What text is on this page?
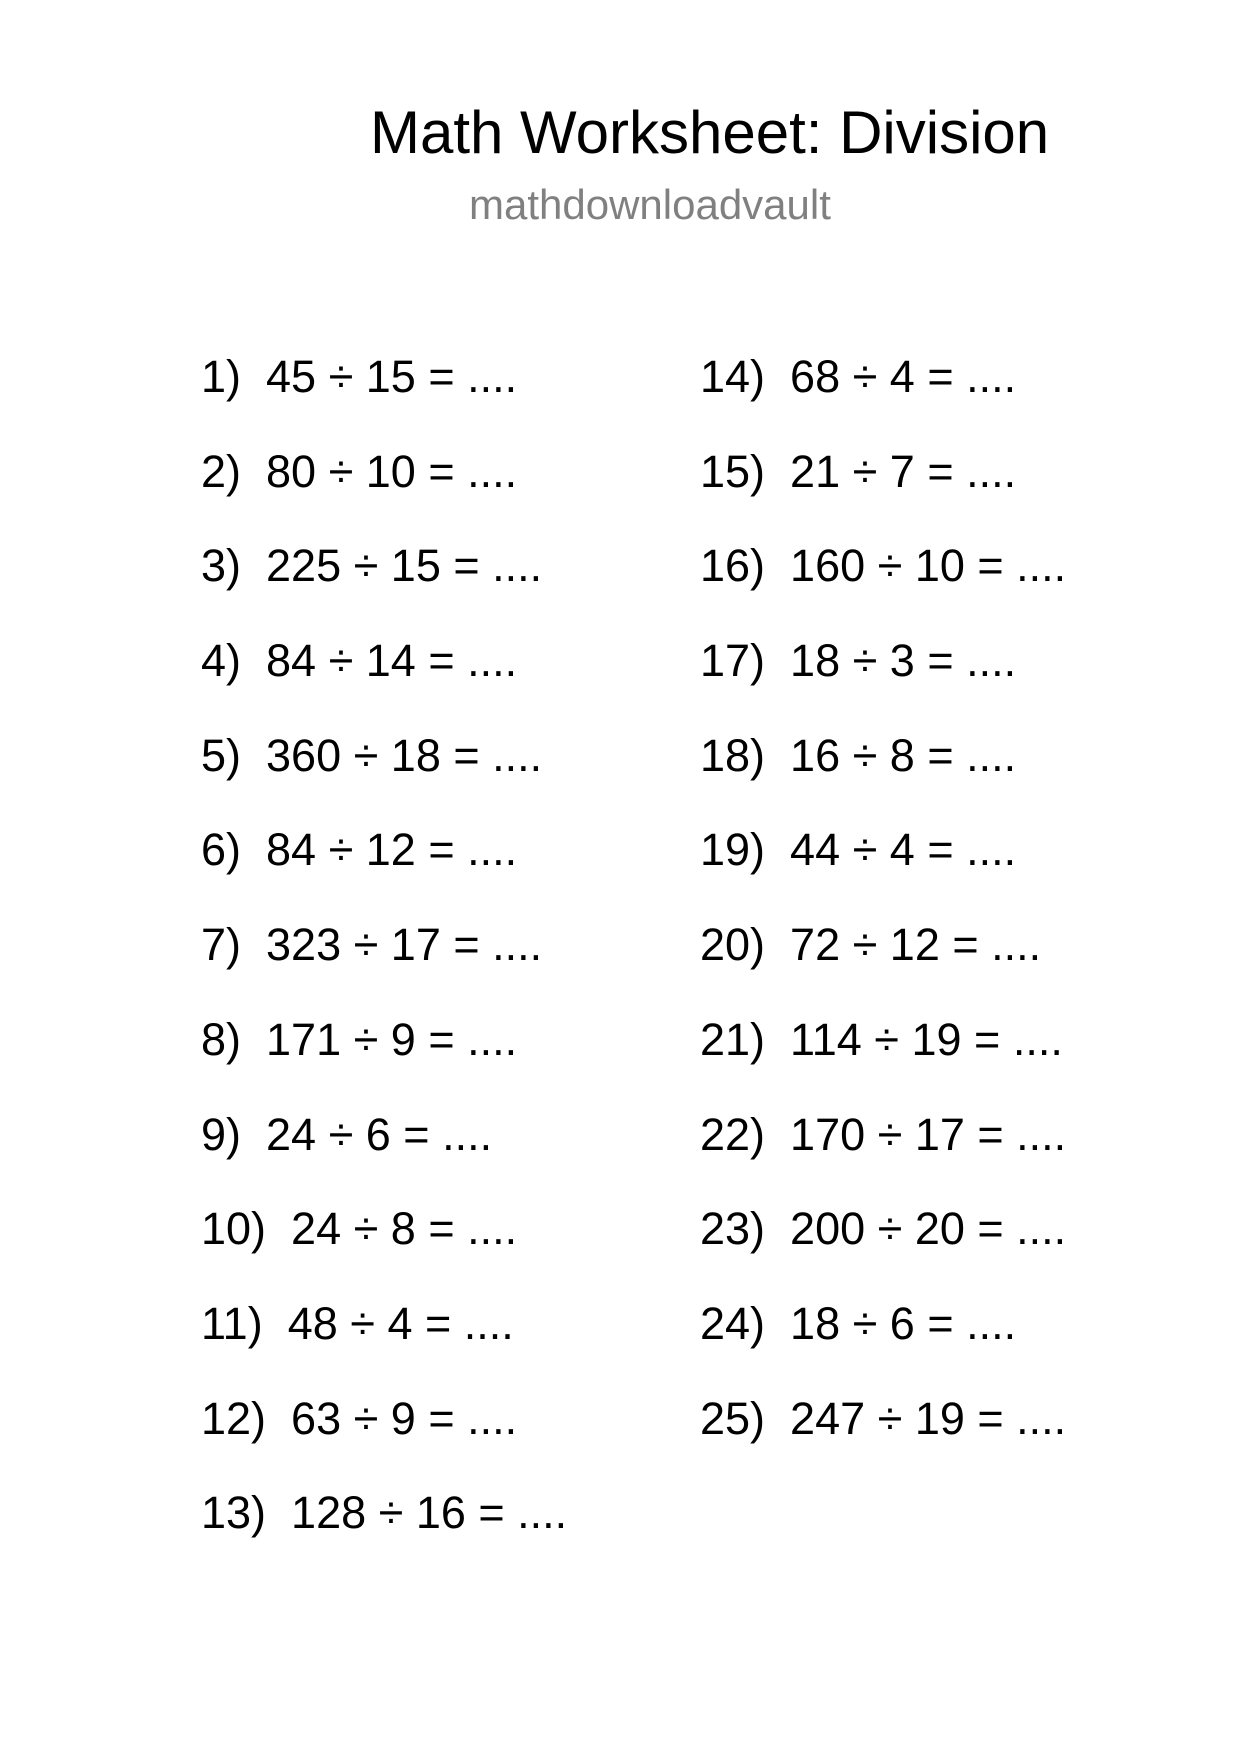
Math Worksheet: Division
mathdownloadvault
1)  45 ÷ 15 = ....
2)  80 ÷ 10 = ....
3)  225 ÷ 15 = ....
4)  84 ÷ 14 = ....
5)  360 ÷ 18 = ....
6)  84 ÷ 12 = ....
7)  323 ÷ 17 = ....
8)  171 ÷ 9 = ....
9)  24 ÷ 6 = ....
10)  24 ÷ 8 = ....
11)  48 ÷ 4 = ....
12)  63 ÷ 9 = ....
13)  128 ÷ 16 = ....
14)  68 ÷ 4 = ....
15)  21 ÷ 7 = ....
16)  160 ÷ 10 = ....
17)  18 ÷ 3 = ....
18)  16 ÷ 8 = ....
19)  44 ÷ 4 = ....
20)  72 ÷ 12 = ....
21)  114 ÷ 19 = ....
22)  170 ÷ 17 = ....
23)  200 ÷ 20 = ....
24)  18 ÷ 6 = ....
25)  247 ÷ 19 = ....
